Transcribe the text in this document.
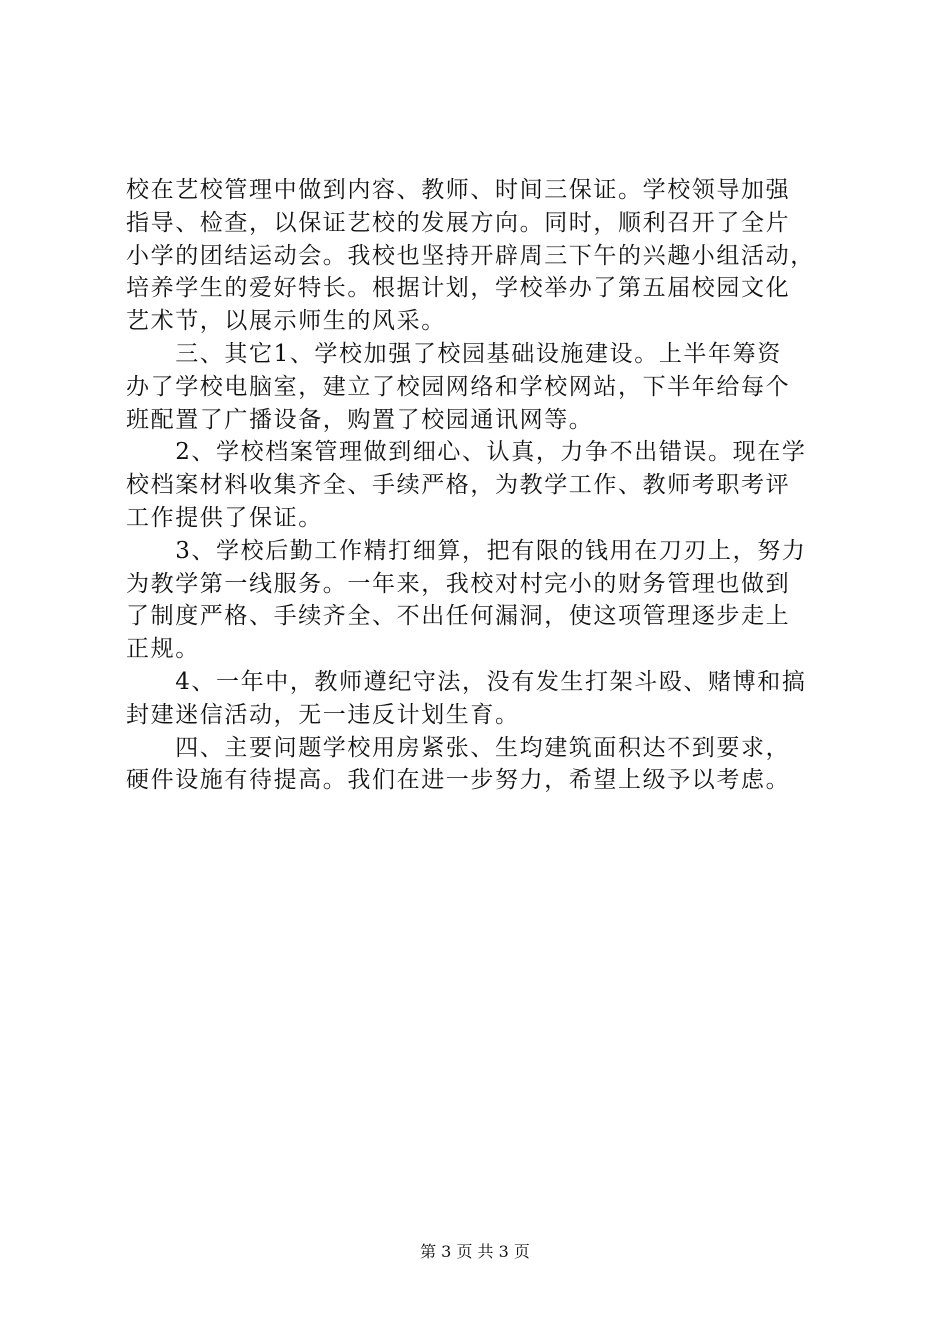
校在艺校管理中做到内容、教师、时间三保证。学校领导加强
指导、检查，以保证艺校的发展方向。同时，顺利召开了全片
小学的团结运动会。我校也坚持开辟周三下午的兴趣小组活动，
培养学生的爱好特长。根据计划，学校举办了第五届校园文化
艺术节，以展示师生的风采。
　　三、其它1、学校加强了校园基础设施建设。上半年筹资
办了学校电脑室，建立了校园网络和学校网站，下半年给每个
班配置了广播设备，购置了校园通讯网等。
　　2、学校档案管理做到细心、认真，力争不出错误。现在学
校档案材料收集齐全、手续严格，为教学工作、教师考职考评
工作提供了保证。
　　3、学校后勤工作精打细算，把有限的钱用在刀刃上，努力
为教学第一线服务。一年来，我校对村完小的财务管理也做到
了制度严格、手续齐全、不出任何漏洞，使这项管理逐步走上
正规。
　　4、一年中，教师遵纪守法，没有发生打架斗殴、赌博和搞
封建迷信活动，无一违反计划生育。
　　四、主要问题学校用房紧张、生均建筑面积达不到要求，
硬件设施有待提高。我们在进一步努力，希望上级予以考虑。
第 3 页 共 3 页
